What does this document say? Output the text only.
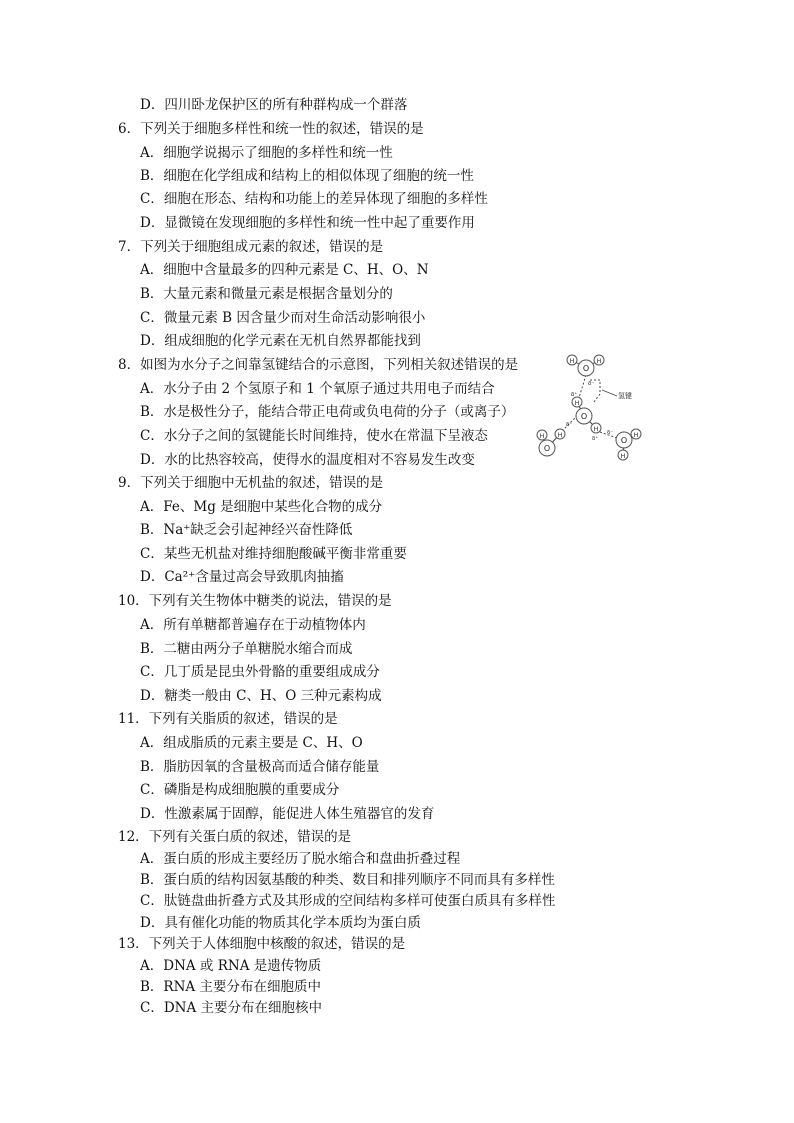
D．四川卧龙保护区的所有种群构成一个群落
6．下列关于细胞多样性和统一性的叙述，错误的是
A．细胞学说揭示了细胞的多样性和统一性
B．细胞在化学组成和结构上的相似体现了细胞的统一性
C．细胞在形态、结构和功能上的差异体现了细胞的多样性
D．显微镜在发现细胞的多样性和统一性中起了重要作用
7．下列关于细胞组成元素的叙述，错误的是
A．细胞中含量最多的四种元素是 C、H、O、N
B．大量元素和微量元素是根据含量划分的
C．微量元素 B 因含量少而对生命活动影响很小
D．组成细胞的化学元素在无机自然界都能找到
8．如图为水分子之间靠氢键结合的示意图，下列相关叙述错误的是
A．水分子由 2 个氢原子和 1 个氧原子通过共用电子而结合
B．水是极性分子，能结合带正电荷或负电荷的分子（或离子）
C．水分子之间的氢键能长时间维持，使水在常温下呈液态
D．水的比热容较高，使得水的温度相对不容易发生改变
9．下列关于细胞中无机盐的叙述，错误的是
A．Fe、Mg 是细胞中某些化合物的成分
B．Na⁺缺乏会引起神经兴奋性降低
C．某些无机盐对维持细胞酸碱平衡非常重要
D．Ca²⁺含量过高会导致肌肉抽搐
10．下列有关生物体中糖类的说法，错误的是
A．所有单糖都普遍存在于动植物体内
B．二糖由两分子单糖脱水缩合而成
C．几丁质是昆虫外骨骼的重要组成成分
D．糖类一般由 C、H、O 三种元素构成
11．下列有关脂质的叙述，错误的是
A．组成脂质的元素主要是 C、H、O
B．脂肪因氧的含量极高而适合储存能量
C．磷脂是构成细胞膜的重要成分
D．性激素属于固醇，能促进人体生殖器官的发育
12．下列有关蛋白质的叙述，错误的是
A．蛋白质的形成主要经历了脱水缩合和盘曲折叠过程
B．蛋白质的结构因氨基酸的种类、数目和排列顺序不同而具有多样性
C．肽链盘曲折叠方式及其形成的空间结构多样可使蛋白质具有多样性
D．具有催化功能的物质其化学本质均为蛋白质
13．下列关于人体细胞中核酸的叙述，错误的是
A．DNA 或 RNA 是遗传物质
B．RNA 主要分布在细胞质中
C．DNA 主要分布在细胞核中
O
H	H
O
H
H
O
H
H
O
H H
δ⁻
δ⁺
δ⁻
δ⁺
δ⁻
氢键
